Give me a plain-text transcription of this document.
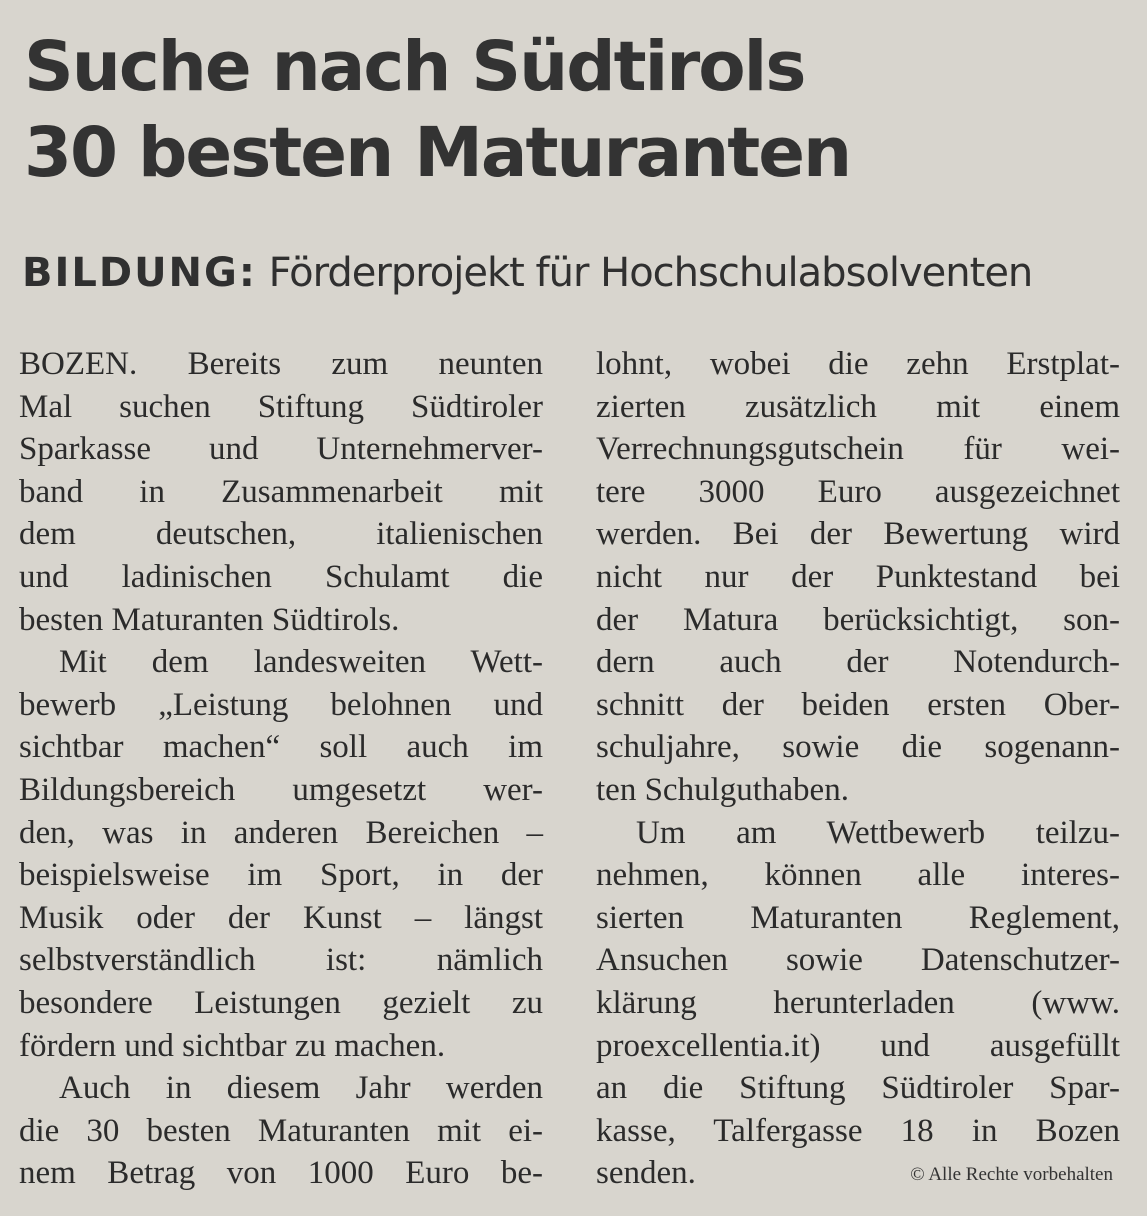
Suche nach Südtirols
30 besten Maturanten
BILDUNG: Förderprojekt für Hochschulabsolventen
BOZEN. Bereits zum neunten
Mal suchen Stiftung Südtiroler
Sparkasse und Unternehmerver-
band in Zusammenarbeit mit
dem deutschen, italienischen
und ladinischen Schulamt die
besten Maturanten Südtirols.
Mit dem landesweiten Wett-
bewerb „Leistung belohnen und
sichtbar machen“ soll auch im
Bildungsbereich umgesetzt wer-
den, was in anderen Bereichen –
beispielsweise im Sport, in der
Musik oder der Kunst – längst
selbstverständlich ist: nämlich
besondere Leistungen gezielt zu
fördern und sichtbar zu machen.
Auch in diesem Jahr werden
die 30 besten Maturanten mit ei-
nem Betrag von 1000 Euro be-
lohnt, wobei die zehn Erstplat-
zierten zusätzlich mit einem
Verrechnungsgutschein für wei-
tere 3000 Euro ausgezeichnet
werden. Bei der Bewertung wird
nicht nur der Punktestand bei
der Matura berücksichtigt, son-
dern auch der Notendurch-
schnitt der beiden ersten Ober-
schuljahre, sowie die sogenann-
ten Schulguthaben.
Um am Wettbewerb teilzu-
nehmen, können alle interes-
sierten Maturanten Reglement,
Ansuchen sowie Datenschutzer-
klärung herunterladen (www.
proexcellentia.it) und ausgefüllt
an die Stiftung Südtiroler Spar-
kasse, Talfergasse 18 in Bozen
senden.	© Alle Rechte vorbehalten
